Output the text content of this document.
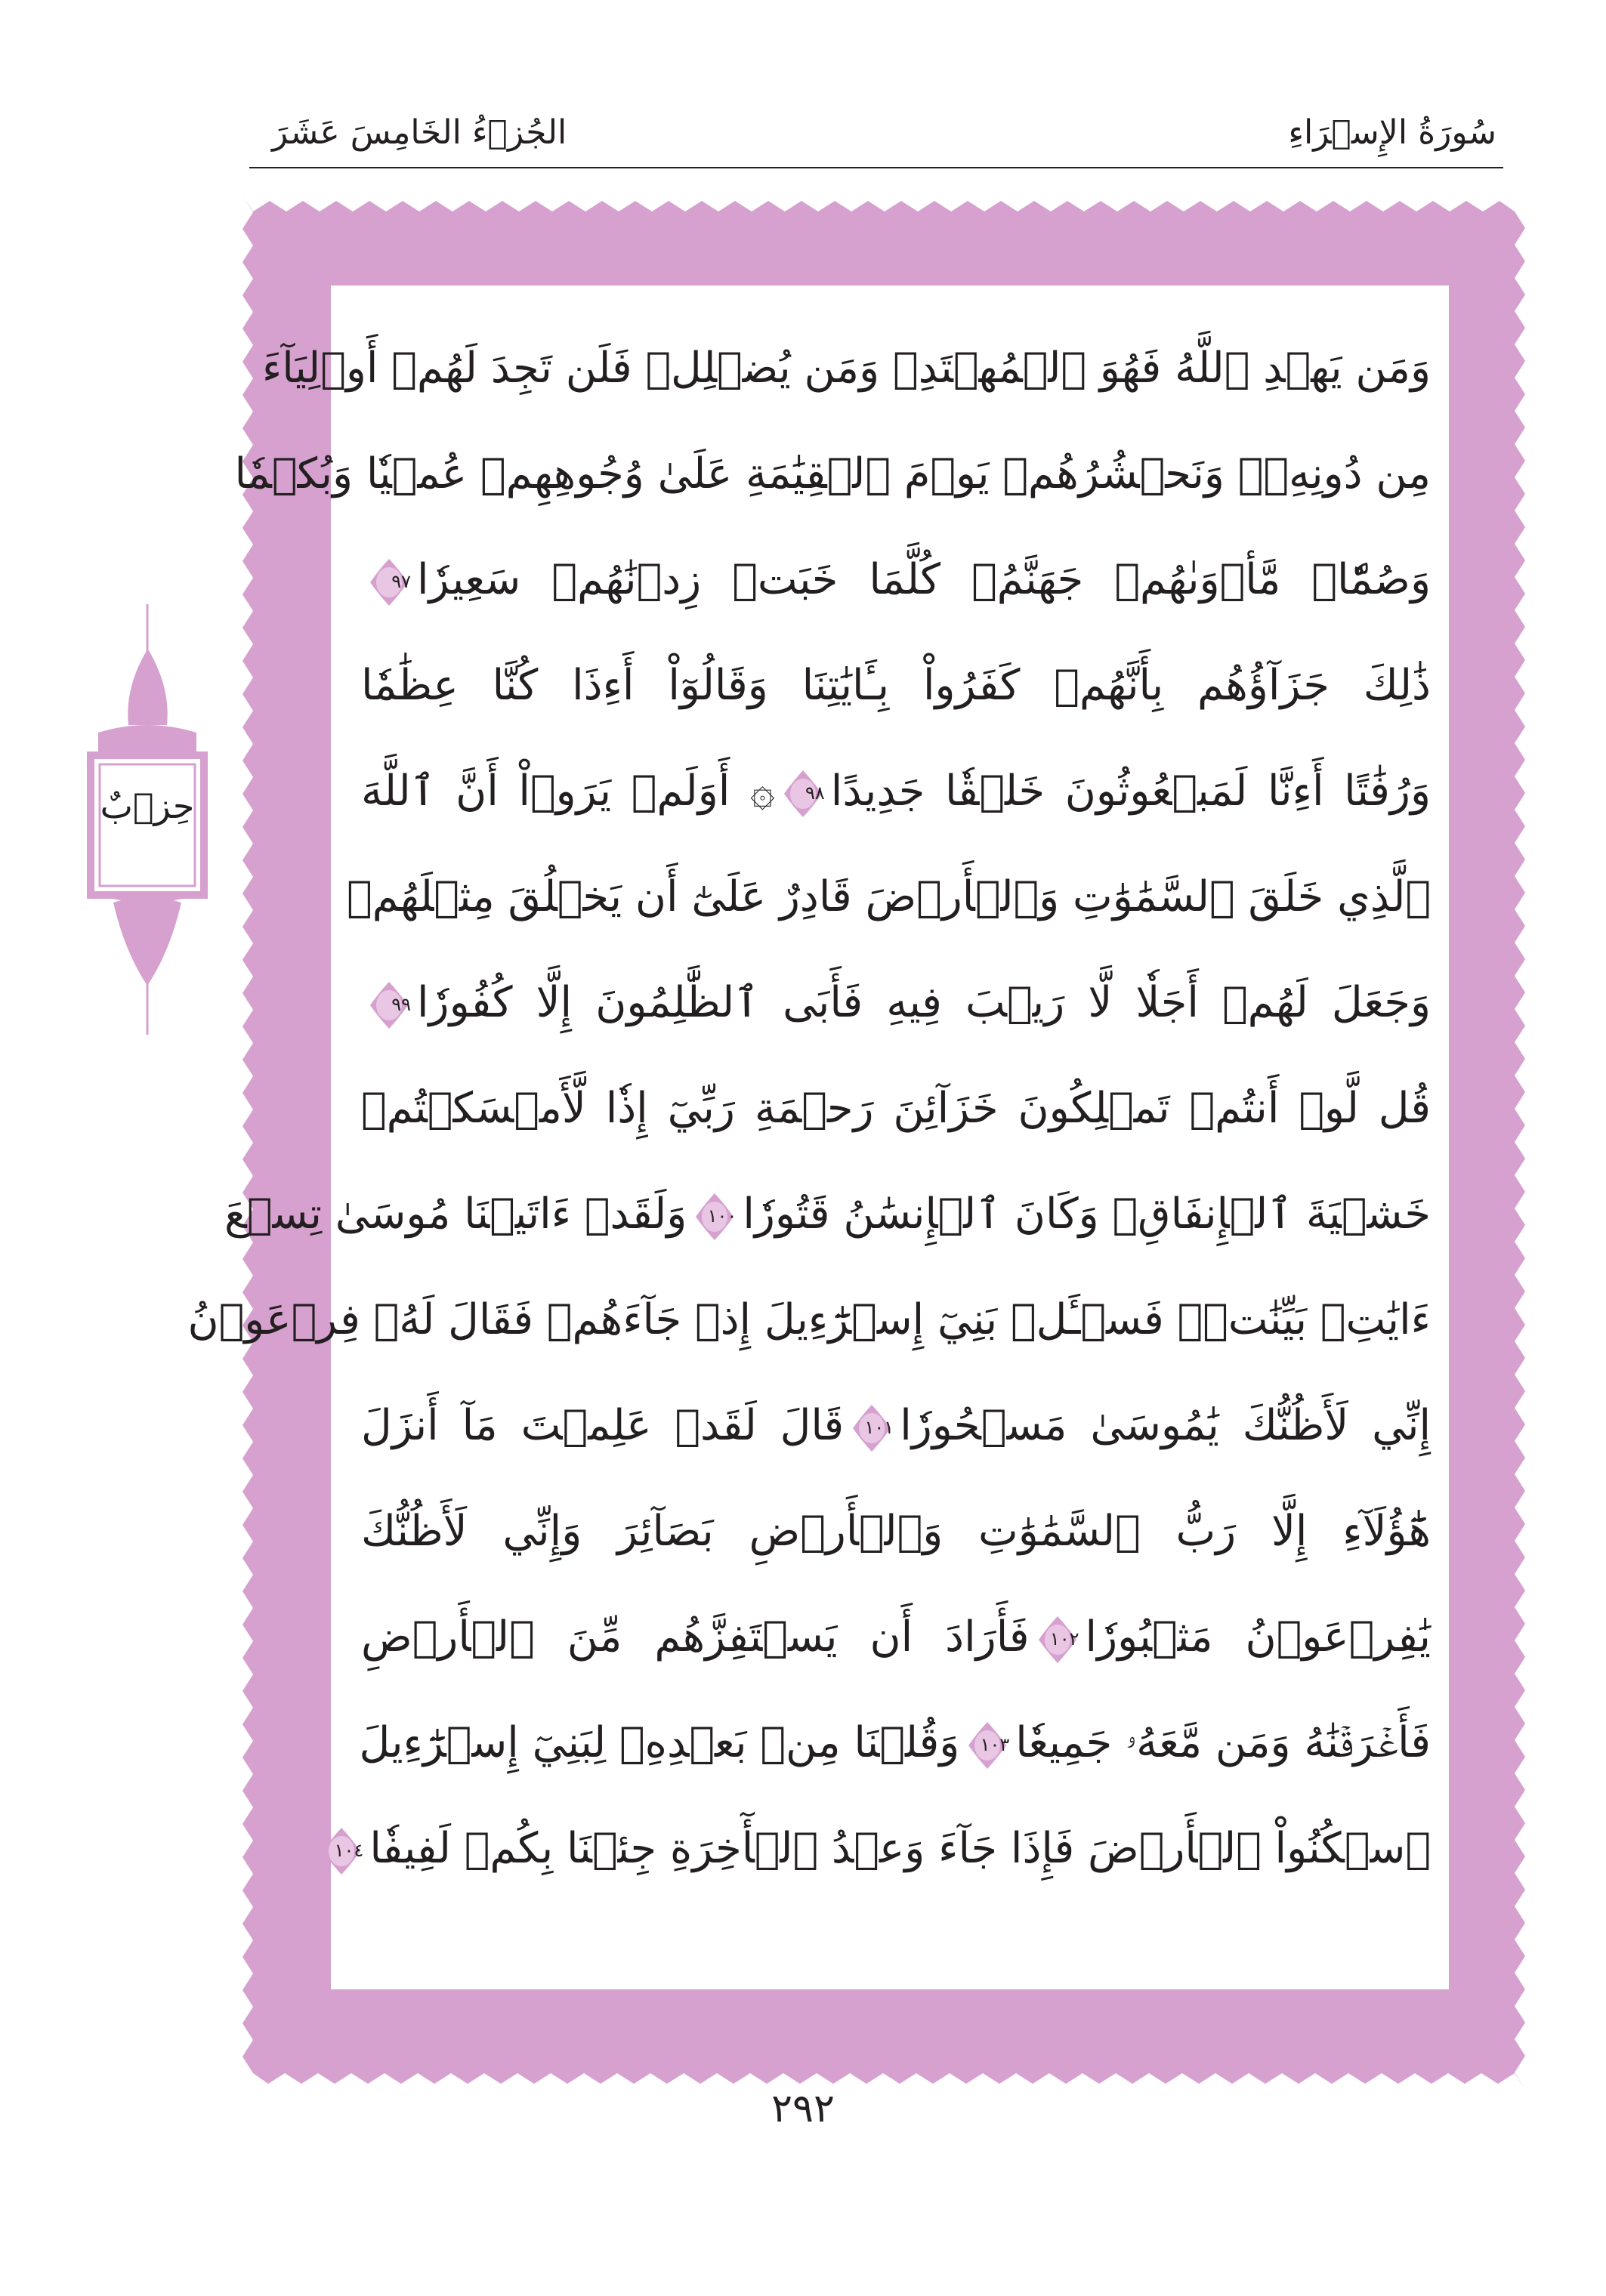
سُورَةُ الإِسۡرَاءِ
الجُزۡءُ الخَامِسَ عَشَرَ
وَمَن يَهۡدِ ٱللَّهُ فَهُوَ ٱلۡمُهۡتَدِۖ وَمَن يُضۡلِلۡ فَلَن تَجِدَ لَهُمۡ أَوۡلِيَآءَ
مِن دُونِهِۦۖ وَنَحۡشُرُهُمۡ يَوۡمَ ٱلۡقِيَٰمَةِ عَلَىٰ وُجُوهِهِمۡ عُمۡيٗا وَبُكۡمٗا
وَصُمّٗاۖ مَّأۡوَىٰهُمۡ جَهَنَّمُۖ كُلَّمَا خَبَتۡ زِدۡنَٰهُمۡ سَعِيرٗا
٩٧
ذَٰلِكَ جَزَآؤُهُم بِأَنَّهُمۡ كَفَرُواْ بِـَٔايَٰتِنَا وَقَالُوٓاْ أَءِذَا كُنَّا عِظَٰمٗا
وَرُفَٰتًا أَءِنَّا لَمَبۡعُوثُونَ خَلۡقٗا جَدِيدًا
٩٨
۞ أَوَلَمۡ يَرَوۡاْ أَنَّ ٱللَّهَ
ٱلَّذِي خَلَقَ ٱلسَّمَٰوَٰتِ وَٱلۡأَرۡضَ قَادِرٌ عَلَىٰٓ أَن يَخۡلُقَ مِثۡلَهُمۡ
وَجَعَلَ لَهُمۡ أَجَلٗا لَّا رَيۡبَ فِيهِ فَأَبَى ٱلظَّٰلِمُونَ إِلَّا كُفُورٗا
٩٩
قُل لَّوۡ أَنتُمۡ تَمۡلِكُونَ خَزَآئِنَ رَحۡمَةِ رَبِّيٓ إِذٗا لَّأَمۡسَكۡتُمۡ
خَشۡيَةَ ٱلۡإِنفَاقِۚ وَكَانَ ٱلۡإِنسَٰنُ قَتُورٗا
١٠٠
وَلَقَدۡ ءَاتَيۡنَا مُوسَىٰ تِسۡعَ
ءَايَٰتِۭ بَيِّنَٰتٖۖ فَسۡـَٔلۡ بَنِيٓ إِسۡرَٰٓءِيلَ إِذۡ جَآءَهُمۡ فَقَالَ لَهُۥ فِرۡعَوۡنُ
إِنِّي لَأَظُنُّكَ يَٰمُوسَىٰ مَسۡحُورٗا
١٠١
قَالَ لَقَدۡ عَلِمۡتَ مَآ أَنزَلَ
هَٰٓؤُلَآءِ إِلَّا رَبُّ ٱلسَّمَٰوَٰتِ وَٱلۡأَرۡضِ بَصَآئِرَ وَإِنِّي لَأَظُنُّكَ
يَٰفِرۡعَوۡنُ مَثۡبُورٗا
١٠٢
فَأَرَادَ أَن يَسۡتَفِزَّهُم مِّنَ ٱلۡأَرۡضِ
فَأَغۡرَقۡنَٰهُ وَمَن مَّعَهُۥ جَمِيعٗا
١٠٣
وَقُلۡنَا مِنۢ بَعۡدِهِۦ لِبَنِيٓ إِسۡرَٰٓءِيلَ
ٱسۡكُنُواْ ٱلۡأَرۡضَ فَإِذَا جَآءَ وَعۡدُ ٱلۡأٓخِرَةِ جِئۡنَا بِكُمۡ لَفِيفٗا
١٠٤
حِزۡبٌ
٢٩٢
